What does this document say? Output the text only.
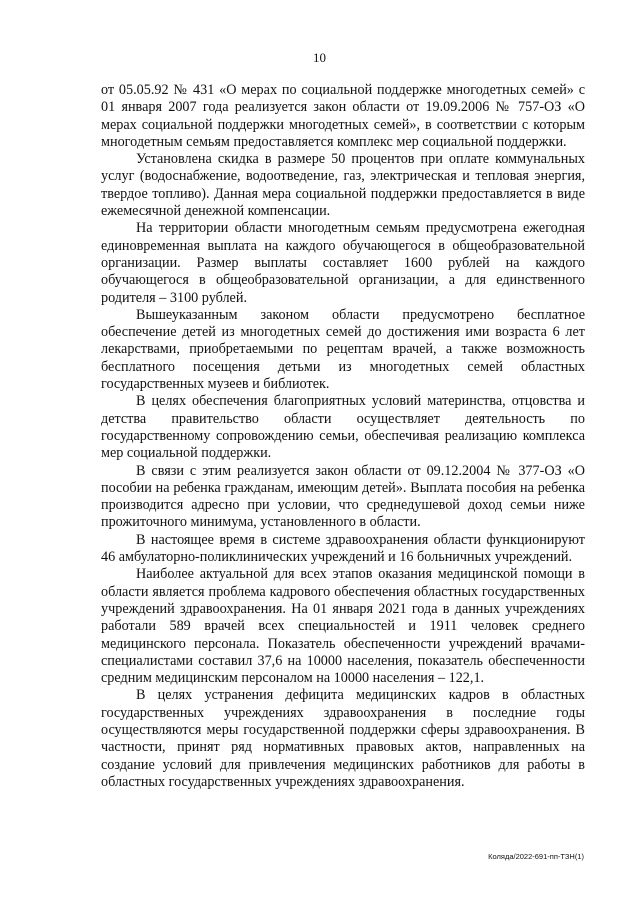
10

от 05.05.92 № 431 «О мерах по социальной поддержке многодетных семей» с 01 января 2007 года реализуется закон области от 19.09.2006 № 757-ОЗ «О мерах социальной поддержки многодетных семей», в соответствии с которым многодетным семьям предоставляется комплекс мер социальной поддержки.

Установлена скидка в размере 50 процентов при оплате коммунальных услуг (водоснабжение, водоотведение, газ, электрическая и тепловая энергия, твердое топливо). Данная мера социальной поддержки предоставляется в виде ежемесячной денежной компенсации.

На территории области многодетным семьям предусмотрена ежегодная единовременная выплата на каждого обучающегося в общеобразовательной организации. Размер выплаты составляет 1600 рублей на каждого обучающегося в общеобразовательной организации, а для единственного родителя – 3100 рублей.

Вышеуказанным законом области предусмотрено бесплатное обеспечение детей из многодетных семей до достижения ими возраста 6 лет лекарствами, приобретаемыми по рецептам врачей, а также возможность бесплатного посещения детьми из многодетных семей областных государственных музеев и библиотек.

В целях обеспечения благоприятных условий материнства, отцовства и детства правительство области осуществляет деятельность по государственному сопровождению семьи, обеспечивая реализацию комплекса мер социальной поддержки.

В связи с этим реализуется закон области от 09.12.2004 № 377-ОЗ «О пособии на ребенка гражданам, имеющим детей». Выплата пособия на ребенка производится адресно при условии, что среднедушевой доход семьи ниже прожиточного минимума, установленного в области.

В настоящее время в системе здравоохранения области функционируют 46 амбулаторно-поликлинических учреждений и 16 больничных учреждений.

Наиболее актуальной для всех этапов оказания медицинской помощи в области является проблема кадрового обеспечения областных государственных учреждений здравоохранения. На 01 января 2021 года в данных учреждениях работали 589 врачей всех специальностей и 1911 человек среднего медицинского персонала. Показатель обеспеченности учреждений врачами-специалистами составил 37,6 на 10000 населения, показатель обеспеченности средним медицинским персоналом на 10000 населения – 122,1.

В целях устранения дефицита медицинских кадров в областных государственных учреждениях здравоохранения в последние годы осуществляются меры государственной поддержки сферы здравоохранения. В частности, принят ряд нормативных правовых актов, направленных на создание условий для привлечения медицинских работников для работы в областных государственных учреждениях здравоохранения.

Коляда/2022-691-пп-ТЗН(1)
